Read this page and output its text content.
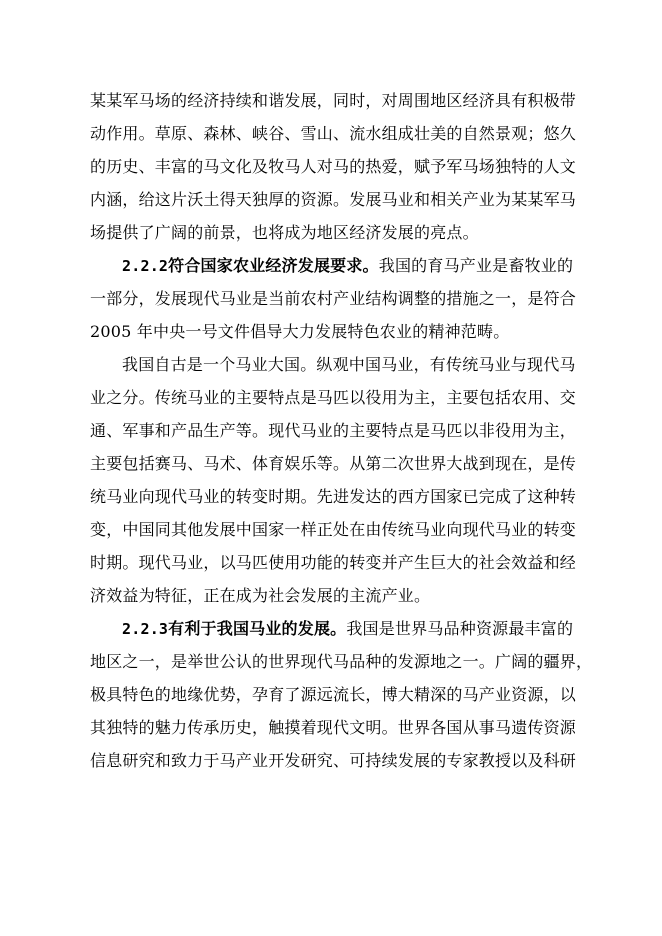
某某军马场的经济持续和谐发展，同时，对周围地区经济具有积极带
动作用。草原、森林、峡谷、雪山、流水组成壮美的自然景观；悠久
的历史、丰富的马文化及牧马人对马的热爱，赋予军马场独特的人文
内涵，给这片沃土得天独厚的资源。发展马业和相关产业为某某军马
场提供了广阔的前景，也将成为地区经济发展的亮点。
2.2.2符合国家农业经济发展要求。我国的育马产业是畜牧业的
一部分，发展现代马业是当前农村产业结构调整的措施之一，是符合
2005 年中央一号文件倡导大力发展特色农业的精神范畴。
我国自古是一个马业大国。纵观中国马业，有传统马业与现代马
业之分。传统马业的主要特点是马匹以役用为主，主要包括农用、交
通、军事和产品生产等。现代马业的主要特点是马匹以非役用为主，
主要包括赛马、马术、体育娱乐等。从第二次世界大战到现在，是传
统马业向现代马业的转变时期。先进发达的西方国家已完成了这种转
变，中国同其他发展中国家一样正处在由传统马业向现代马业的转变
时期。现代马业，以马匹使用功能的转变并产生巨大的社会效益和经
济效益为特征，正在成为社会发展的主流产业。
2.2.3有利于我国马业的发展。我国是世界马品种资源最丰富的
地区之一，是举世公认的世界现代马品种的发源地之一。广阔的疆界，
极具特色的地缘优势，孕育了源远流长，博大精深的马产业资源，以
其独特的魅力传承历史，触摸着现代文明。世界各国从事马遗传资源
信息研究和致力于马产业开发研究、可持续发展的专家教授以及科研
